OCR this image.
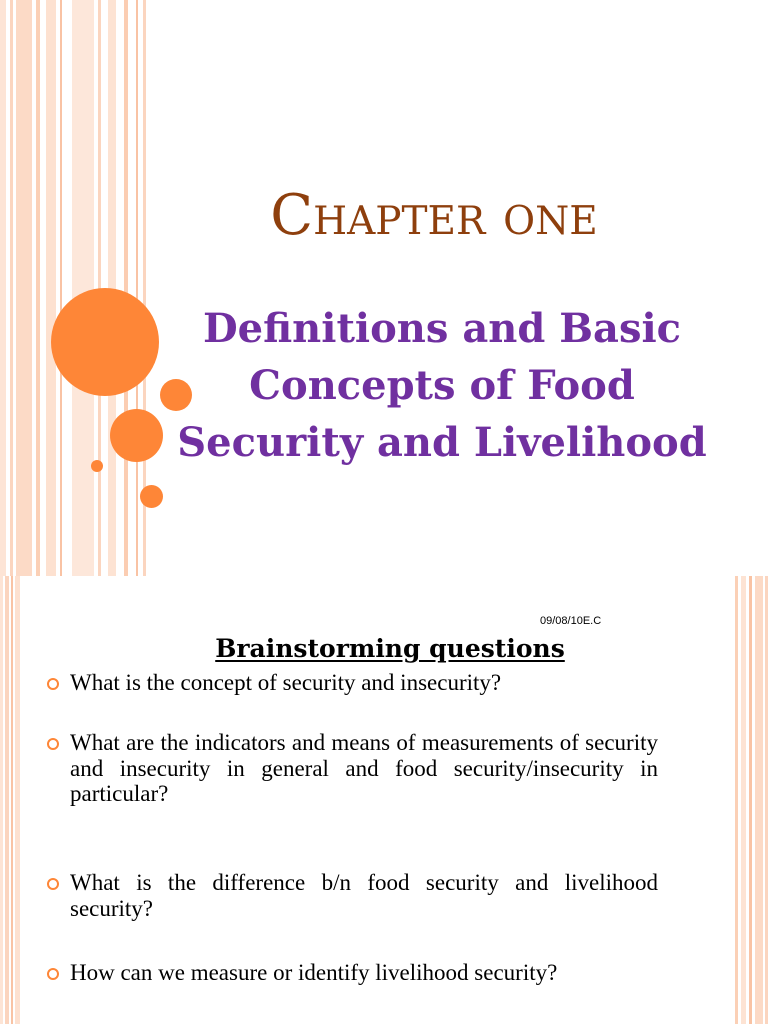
Chapter one
Definitions and Basic
Concepts of Food
Security and Livelihood
09/08/10E.C
Brainstorming questions
What is the concept of security and insecurity?
What are the indicators and means of measurements of security and insecurity in general and food security/insecurity in particular?
What is the difference b/n food security and livelihood security?
How can we measure or identify livelihood security?
